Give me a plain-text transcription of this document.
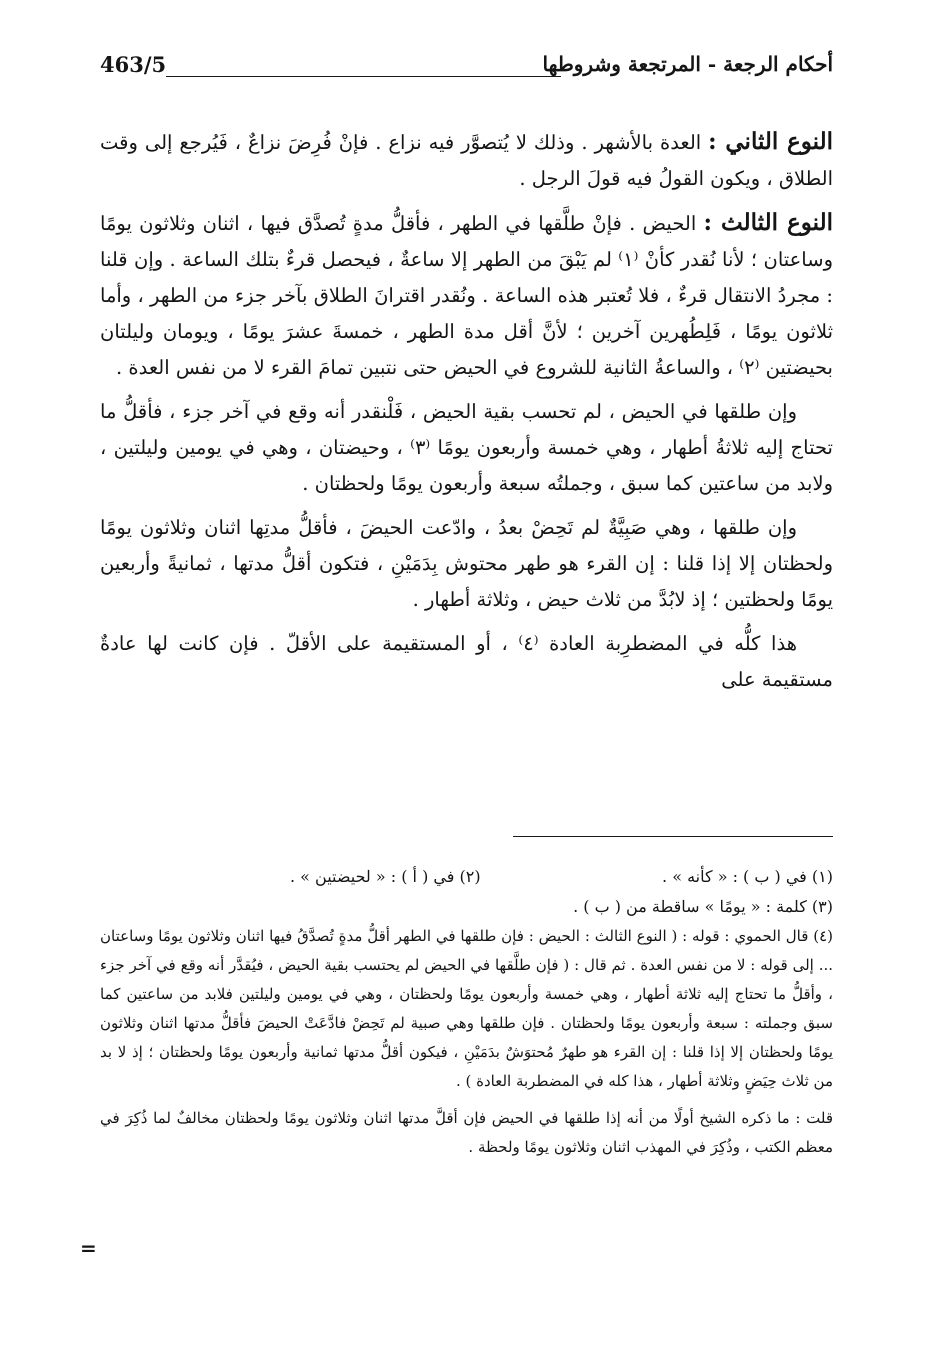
أحكام الرجعة - المرتجعة وشروطها
463/5

النوع الثاني : العدة بالأشهر . وذلك لا يُتصوَّر فيه نزاع . فإنْ فُرِضَ نزاعٌ ، فَيُرجع إلى وقت الطلاق ، ويكون القولُ فيه قولَ الرجل .

النوع الثالث : الحيض . فإنْ طلَّقها في الطهر ، فأقلُّ مدةٍ تُصدَّق فيها ، اثنان وثلاثون يومًا وساعتان ؛ لأنا نُقدر كأنْ ⁽١⁾ لم يَبْقَ من الطهر إلا ساعةٌ ، فيحصل قرءٌ بتلك الساعة . وإن قلنا : مجردُ الانتقال قرءٌ ، فلا تُعتبر هذه الساعة . ونُقدر اقترانَ الطلاق بآخر جزء من الطهر ، وأما ثلاثون يومًا ، فَلِطُهرين آخرين ؛ لأنَّ أقل مدة الطهر ، خمسةَ عشرَ يومًا ، ويومان وليلتان بحيضتين ⁽٢⁾ ، والساعةُ الثانية للشروع في الحيض حتى نتبين تمامَ القرء لا من نفس العدة .

وإن طلقها في الحيض ، لم تحسب بقية الحيض ، فَلْنقدر أنه وقع في آخر جزء ، فأقلُّ ما تحتاج إليه ثلاثةُ أطهار ، وهي خمسة وأربعون يومًا ⁽٣⁾ ، وحيضتان ، وهي في يومين وليلتين ، ولابد من ساعتين كما سبق ، وجملتُه سبعة وأربعون يومًا ولحظتان .

وإن طلقها ، وهي صَبِيَّةٌ لم تَحِضْ بعدُ ، وادّعت الحيضَ ، فأقلُّ مدتِها اثنان وثلاثون يومًا ولحظتان إلا إذا قلنا : إن القرء هو طهر محتوش بِدَمَيْنِ ، فتكون أقلُّ مدتها ، ثمانيةً وأربعين يومًا ولحظتين ؛ إذ لابُدَّ من ثلاث حيض ، وثلاثة أطهار .

هذا كلُّه في المضطرِبة العادة ⁽٤⁾ ، أو المستقيمة على الأقلّ . فإن كانت لها عادةٌ مستقيمة على

(١) في ( ب ) : « كأنه » .
(٢) في ( أ ) : « لحيضتين » .
(٣) كلمة : « يومًا » ساقطة من ( ب ) .

(٤) قال الحموي : قوله : ( النوع الثالث : الحيض : فإن طلقها في الطهر أقلُّ مدةٍ تُصدَّقُ فيها اثنان وثلاثون يومًا وساعتان ... إلى قوله : لا من نفس العدة . ثم قال : ( فإن طلَّقها في الحيض لم يحتسب بقية الحيض ، فيُقدَّر أنه وقع في آخر جزء ، وأقلُّ ما تحتاج إليه ثلاثة أطهار ، وهي خمسة وأربعون يومًا ولحظتان ، وهي في يومين وليلتين فلابد من ساعتين كما سبق وجملته : سبعة وأربعون يومًا ولحظتان . فإن طلقها وهي صبية لم تَحِضْ فادَّعَتْ الحيضَ فأقلُّ مدتها اثنان وثلاثون يومًا ولحظتان إلا إذا قلنا : إن القرء هو طهرٌ مُحتوَشٌ بدَمَيْنِ ، فيكون أقلُّ مدتها ثمانية وأربعون يومًا ولحظتان ؛ إذ لا بد من ثلاث حِيَضٍ وثلاثة أطهار ، هذا كله في المضطربة العادة ) .

قلت : ما ذكره الشيخ أولًا من أنه إذا طلقها في الحيض فإن أقلَّ مدتها اثنان وثلاثون يومًا ولحظتان مخالفٌ لما ذُكِرَ في معظم الكتب ، وذُكِرَ في المهذب اثنان وثلاثون يومًا ولحظة .

=
